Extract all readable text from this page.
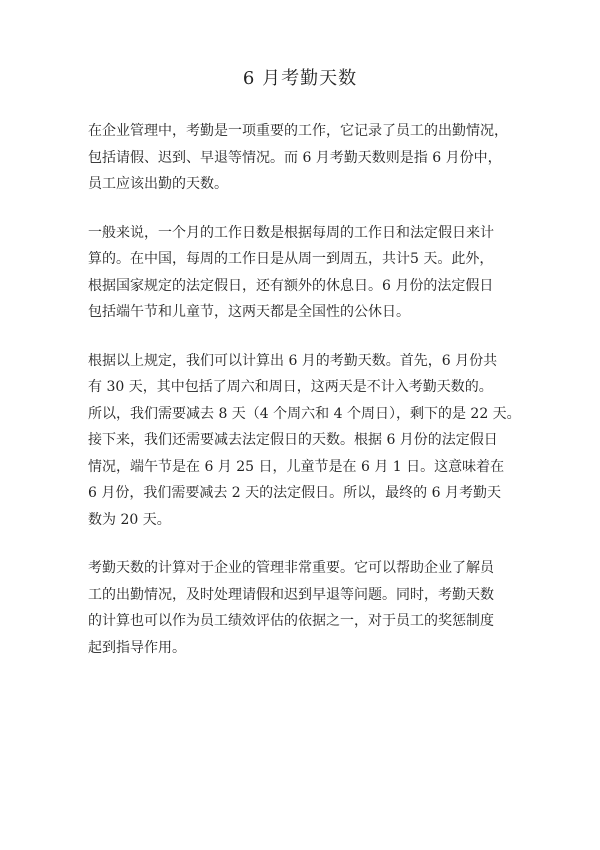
6 月考勤天数

在企业管理中，考勤是一项重要的工作，它记录了员工的出勤情况，
包括请假、迟到、早退等情况。而 6 月考勤天数则是指 6 月份中，
员工应该出勤的天数。

一般来说，一个月的工作日数是根据每周的工作日和法定假日来计
算的。在中国，每周的工作日是从周一到周五，共计5 天。此外，
根据国家规定的法定假日，还有额外的休息日。6 月份的法定假日
包括端午节和儿童节，这两天都是全国性的公休日。

根据以上规定，我们可以计算出 6 月的考勤天数。首先，6 月份共
有 30 天，其中包括了周六和周日，这两天是不计入考勤天数的。
所以，我们需要减去 8 天（4 个周六和 4 个周日），剩下的是 22 天。
接下来，我们还需要减去法定假日的天数。根据 6 月份的法定假日
情况，端午节是在 6 月 25 日，儿童节是在 6 月 1 日。这意味着在
6 月份，我们需要减去 2 天的法定假日。所以，最终的 6 月考勤天
数为 20 天。

考勤天数的计算对于企业的管理非常重要。它可以帮助企业了解员
工的出勤情况，及时处理请假和迟到早退等问题。同时，考勤天数
的计算也可以作为员工绩效评估的依据之一，对于员工的奖惩制度
起到指导作用。
